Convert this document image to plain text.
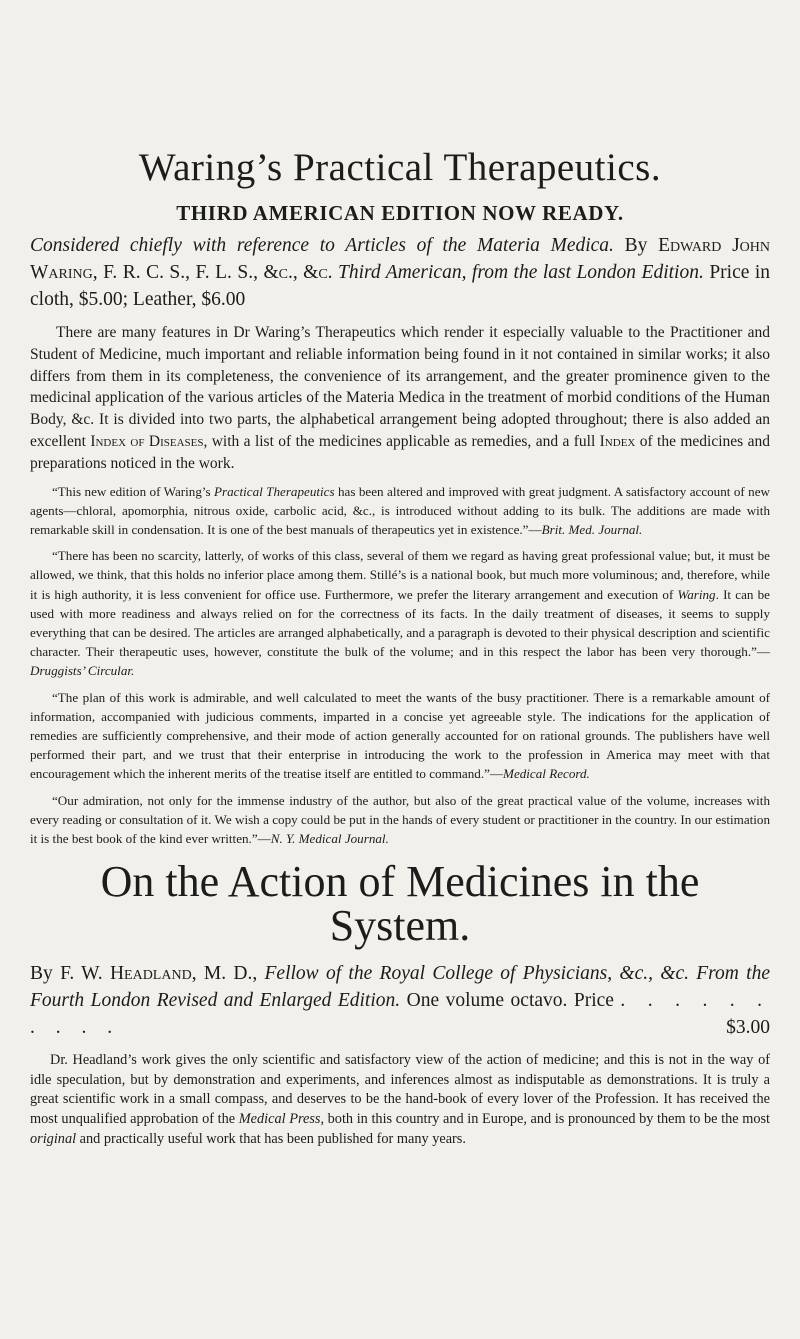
Waring’s Practical Therapeutics.
THIRD AMERICAN EDITION NOW READY.

Considered chiefly with reference to Articles of the Materia Medica. By Edward John Waring, F. R. C. S., F. L. S., &c., &c. Third American, from the last London Edition. Price in cloth, $5.00; Leather, $6.00

There are many features in Dr Waring’s Therapeutics which render it especially valuable to the Practitioner and Student of Medicine, much important and reliable information being found in it not contained in similar works; it also differs from them in its completeness, the convenience of its arrangement, and the greater prominence given to the medicinal application of the various articles of the Materia Medica in the treatment of morbid conditions of the Human Body, &c. It is divided into two parts, the alphabetical arrangement being adopted throughout; there is also added an excellent Index of Diseases, with a list of the medicines applicable as remedies, and a full Index of the medicines and preparations noticed in the work.

“This new edition of Waring’s Practical Therapeutics has been altered and improved with great judgment. A satisfactory account of new agents—chloral, apomorphia, nitrous oxide, carbolic acid, &c., is introduced without adding to its bulk. The additions are made with remarkable skill in condensation. It is one of the best manuals of therapeutics yet in existence.”—Brit. Med. Journal.

“There has been no scarcity, latterly, of works of this class, several of them we regard as having great professional value; but, it must be allowed, we think, that this holds no inferior place among them. Stillé’s is a national book, but much more voluminous; and, therefore, while it is high authority, it is less convenient for office use. Furthermore, we prefer the literary arrangement and execution of Waring. It can be used with more readiness and always relied on for the correctness of its facts. In the daily treatment of diseases, it seems to supply everything that can be desired. The articles are arranged alphabetically, and a paragraph is devoted to their physical description and scientific character. Their therapeutic uses, however, constitute the bulk of the volume; and in this respect the labor has been very thorough.”—Druggists’ Circular.

“The plan of this work is admirable, and well calculated to meet the wants of the busy practitioner. There is a remarkable amount of information, accompanied with judicious comments, imparted in a concise yet agreeable style. The indications for the application of remedies are sufficiently comprehensive, and their mode of action generally accounted for on rational grounds. The publishers have well performed their part, and we trust that their enterprise in introducing the work to the profession in America may meet with that encouragement which the inherent merits of the treatise itself are entitled to command.”—Medical Record.

“Our admiration, not only for the immense industry of the author, but also of the great practical value of the volume, increases with every reading or consultation of it. We wish a copy could be put in the hands of every student or practitioner in the country. In our estimation it is the best book of the kind ever written.”—N. Y. Medical Journal.

On the Action of Medicines in the System.
By F. W. Headland, M. D., Fellow of the Royal College of Physicians, &c., &c. From the Fourth London Revised and Enlarged Edition. One volume octavo. Price . . . . . . . . . .	$3.00

Dr. Headland’s work gives the only scientific and satisfactory view of the action of medicine; and this is not in the way of idle speculation, but by demonstration and experiments, and inferences almost as indisputable as demonstrations. It is truly a great scientific work in a small compass, and deserves to be the hand-book of every lover of the Profession. It has received the most unqualified approbation of the Medical Press, both in this country and in Europe, and is pronounced by them to be the most original and practically useful work that has been published for many years.
